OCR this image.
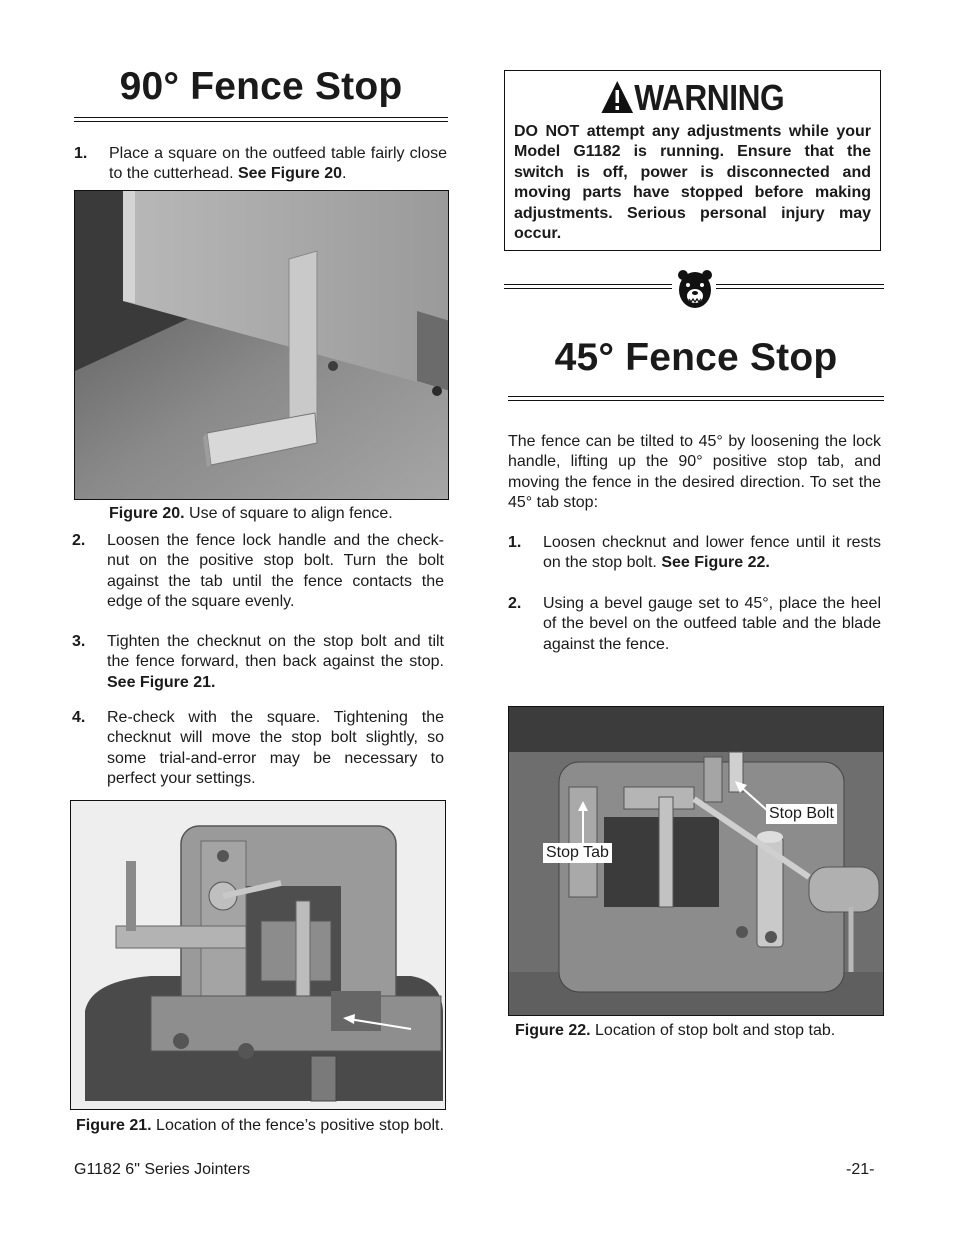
90° Fence Stop
1. Place a square on the outfeed table fairly close to the cutterhead. See Figure 20.
Figure 20. Use of square to align fence.
2. Loosen the fence lock handle and the check-nut on the positive stop bolt. Turn the bolt against the tab until the fence contacts the edge of the square evenly.
3. Tighten the checknut on the stop bolt and tilt the fence forward, then back against the stop. See Figure 21.
4. Re-check with the square. Tightening the checknut will move the stop bolt slightly, so some trial-and-error may be necessary to perfect your settings.
Figure 21. Location of the fence’s positive stop bolt.
WARNING
DO NOT attempt any adjustments while your Model G1182 is running. Ensure that the switch is off, power is disconnected and moving parts have stopped before making adjustments. Serious personal injury may occur.
45° Fence Stop
The fence can be tilted to 45° by loosening the lock handle, lifting up the 90° positive stop tab, and moving the fence in the desired direction. To set the 45° tab stop:
1. Loosen checknut and lower fence until it rests on the stop bolt. See Figure 22.
2. Using a bevel gauge set to 45°, place the heel of the bevel on the outfeed table and the blade against the fence.
Stop Bolt
Stop Tab
Figure 22. Location of stop bolt and stop tab.
G1182 6" Series Jointers	-21-
